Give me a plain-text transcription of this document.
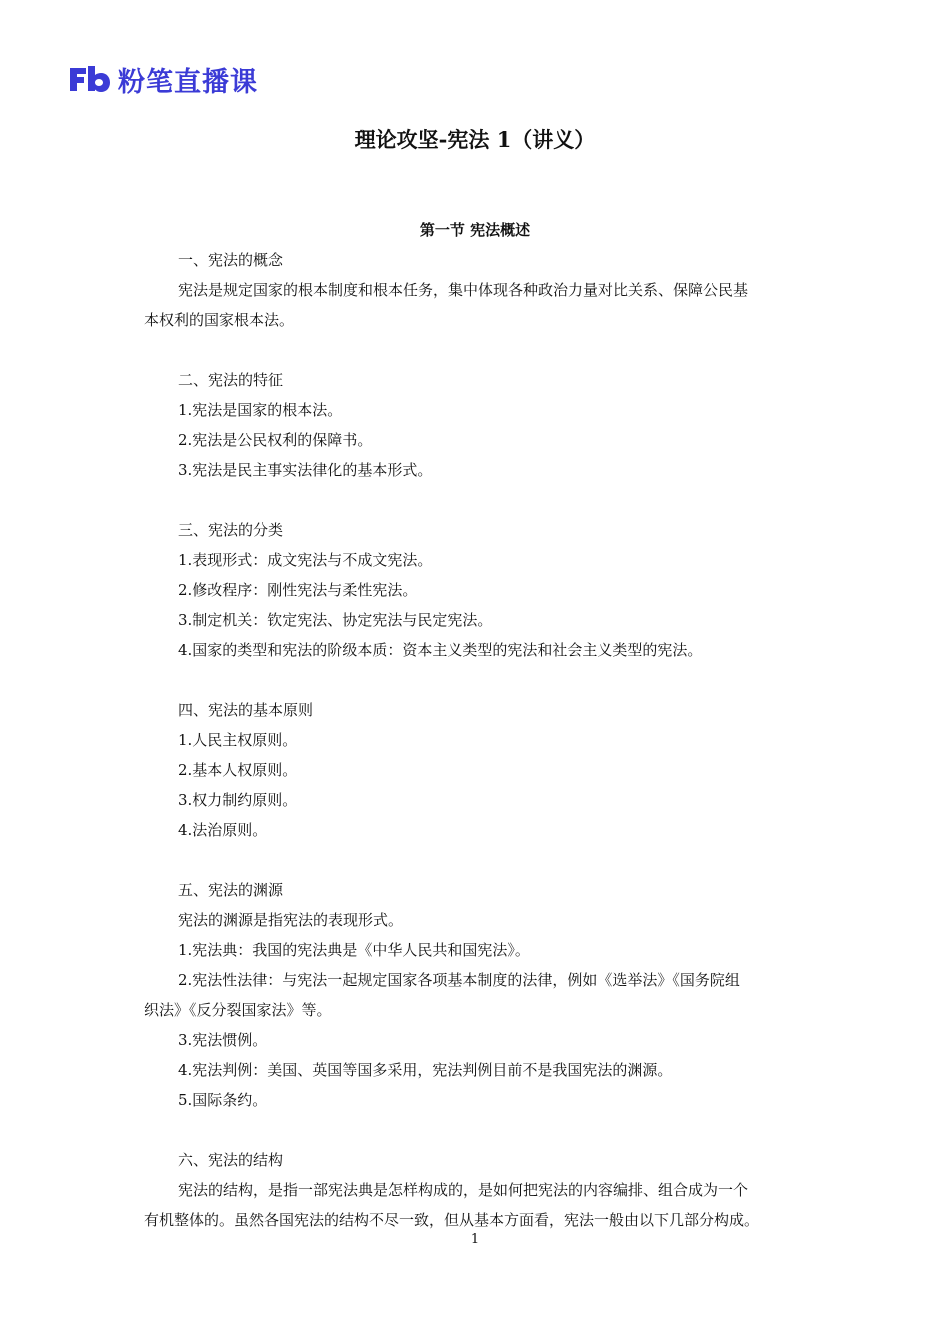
粉笔直播课
理论攻坚-宪法 1（讲义）
第一节 宪法概述
一、宪法的概念
宪法是规定国家的根本制度和根本任务，集中体现各种政治力量对比关系、保障公民基
本权利的国家根本法。
二、宪法的特征
1.宪法是国家的根本法。
2.宪法是公民权利的保障书。
3.宪法是民主事实法律化的基本形式。
三、宪法的分类
1.表现形式：成文宪法与不成文宪法。
2.修改程序：刚性宪法与柔性宪法。
3.制定机关：钦定宪法、协定宪法与民定宪法。
4.国家的类型和宪法的阶级本质：资本主义类型的宪法和社会主义类型的宪法。
四、宪法的基本原则
1.人民主权原则。
2.基本人权原则。
3.权力制约原则。
4.法治原则。
五、宪法的渊源
宪法的渊源是指宪法的表现形式。
1.宪法典：我国的宪法典是《中华人民共和国宪法》。
2.宪法性法律：与宪法一起规定国家各项基本制度的法律，例如《选举法》《国务院组
织法》《反分裂国家法》等。
3.宪法惯例。
4.宪法判例：美国、英国等国多采用，宪法判例目前不是我国宪法的渊源。
5.国际条约。
六、宪法的结构
宪法的结构，是指一部宪法典是怎样构成的，是如何把宪法的内容编排、组合成为一个
有机整体的。虽然各国宪法的结构不尽一致，但从基本方面看，宪法一般由以下几部分构成。
1
